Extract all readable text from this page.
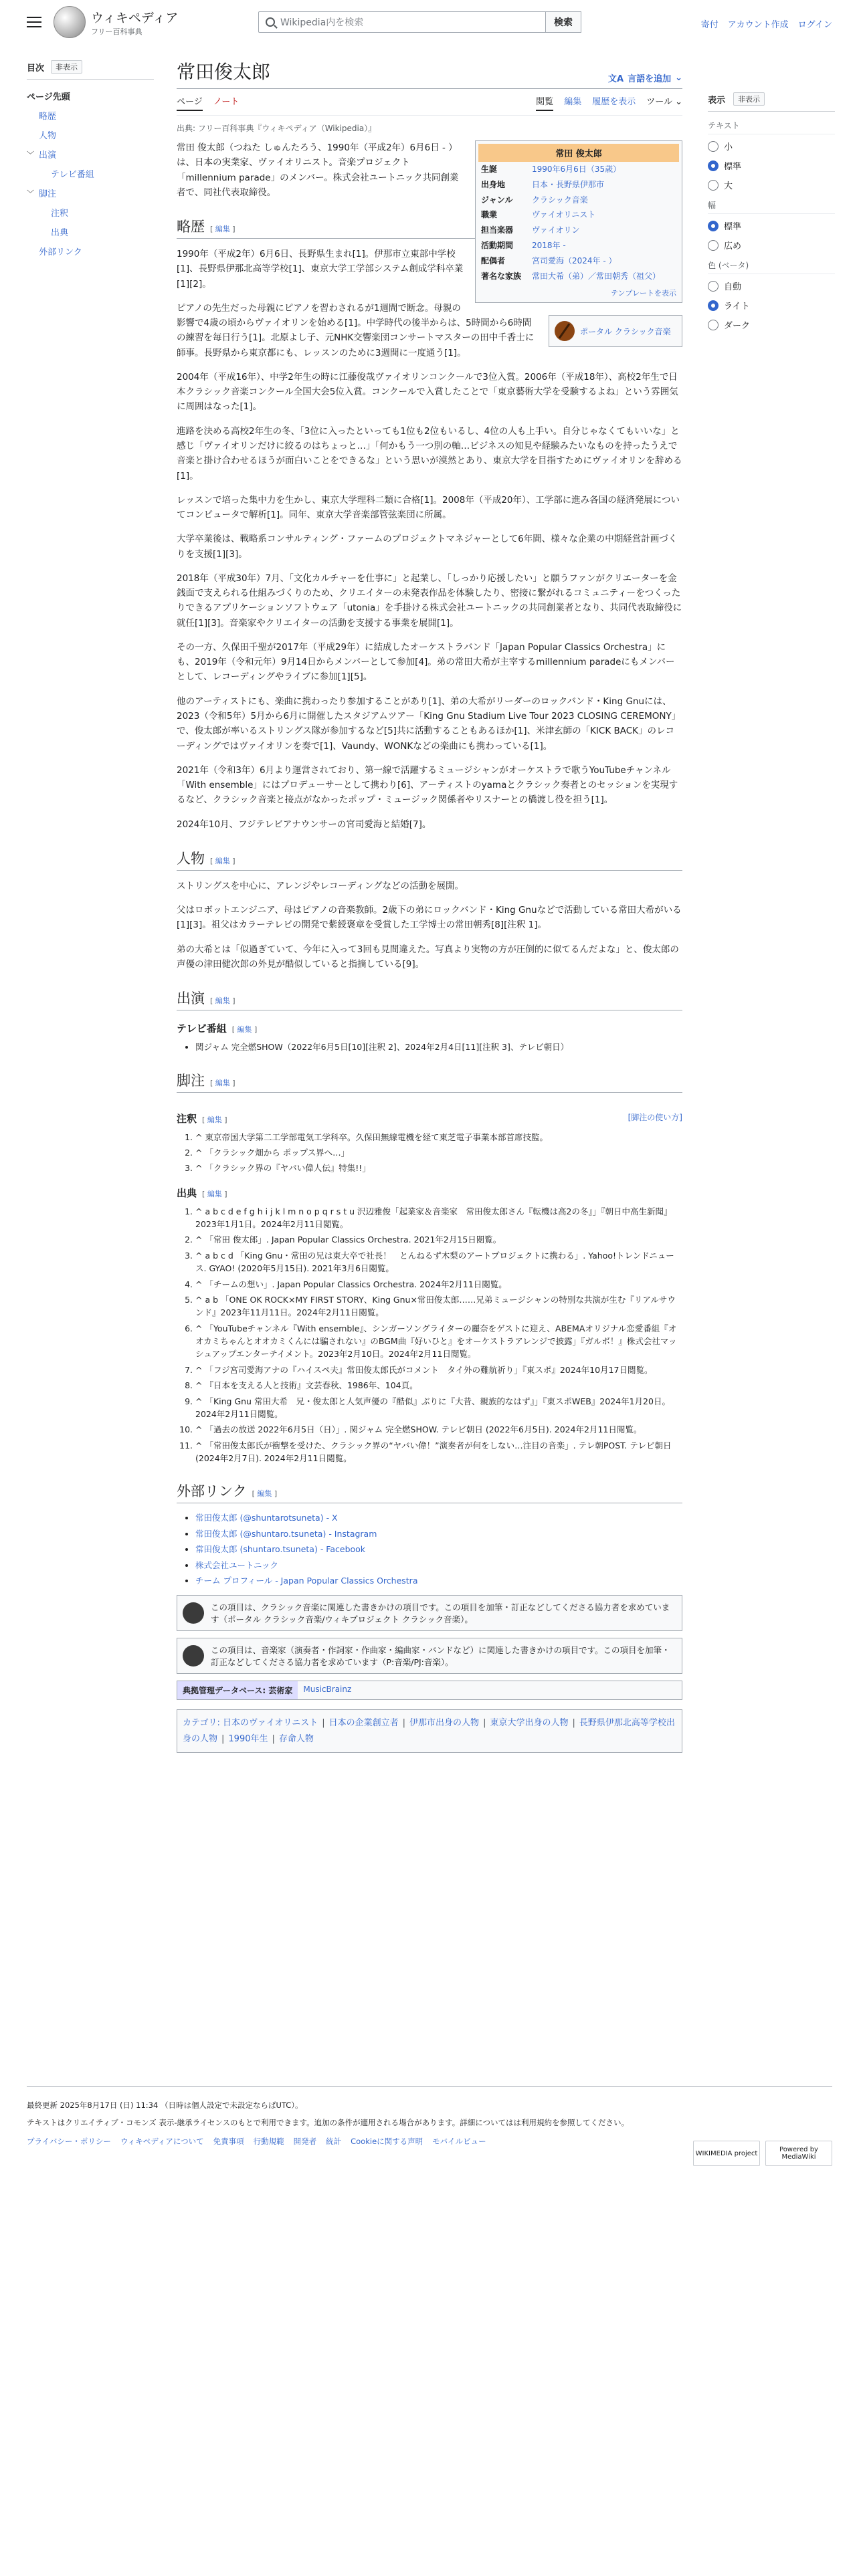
ウィキペディア
フリー百科事典
Wikipedia内を検索	検索	寄付 アカウント作成 ログイン
目次	非表示
ページ先頭
略歴
人物
﹀ 出演
テレビ番組
﹀ 脚注
注釈
出典
外部リンク
常田俊太郎	文A 言語を追加 ⌄
ページ ノート	閲覧 編集 履歴を表示 ツール ⌄
出典: フリー百科事典『ウィキペディア（Wikipedia）』
常田 俊太郎
生誕	1990年6月6日（35歳）
出身地	日本・長野県伊那市
ジャンル	クラシック音楽
職業	ヴァイオリニスト
担当楽器	ヴァイオリン
活動期間	2018年 -
配偶者	宮司愛海（2024年 - ）
著名な家族	常田大希（弟）／常田朝秀（祖父）
テンプレートを表示

常田 俊太郎（つねた しゅんたろう、1990年（平成2年）6月6日 - ）は、日本の実業家、ヴァイオリニスト。音楽プロジェクト「millennium parade」のメンバー。株式会社ユートニック共同創業者で、同社代表取締役。

略歴 [ 編集 ]
ポータル クラシック音楽

1990年（平成2年）6月6日、長野県生まれ[1]。伊那市立東部中学校[1]、長野県伊那北高等学校[1]、東京大学工学部システム創成学科卒業[1][2]。

ピアノの先生だった母親にピアノを習わされるが1週間で断念。母親の影響で4歳の頃からヴァイオリンを始める[1]。中学時代の後半からは、5時間から6時間の練習を毎日行う[1]。北原よし子、元NHK交響楽団コンサートマスターの田中千香士に師事。長野県から東京都にも、レッスンのために3週間に一度通う[1]。

2004年（平成16年）、中学2年生の時に江藤俊哉ヴァイオリンコンクールで3位入賞。2006年（平成18年）、高校2年生で日本クラシック音楽コンクール全国大会5位入賞。コンクールで入賞したことで「東京藝術大学を受験するよね」という雰囲気に周囲はなった[1]。

進路を決める高校2年生の冬、「3位に入ったといっても1位も2位もいるし、4位の人も上手い。自分じゃなくてもいいな」と感じ「ヴァイオリンだけに絞るのはちょっと…」「何かもう一つ別の軸…ビジネスの知見や経験みたいなものを持ったうえで音楽と掛け合わせるほうが面白いことをできるな」という思いが漠然とあり、東京大学を目指すためにヴァイオリンを辞める[1]。

レッスンで培った集中力を生かし、東京大学理科二類に合格[1]。2008年（平成20年）、工学部に進み各国の経済発展についてコンピュータで解析[1]。同年、東京大学音楽部管弦楽団に所属。

大学卒業後は、戦略系コンサルティング・ファームのプロジェクトマネジャーとして6年間、様々な企業の中期経営計画づくりを支援[1][3]。

2018年（平成30年）7月、「文化カルチャーを仕事に」と起業し、「しっかり応援したい」と願うファンがクリエーターを金銭面で支えられる仕組みづくりのため、クリエイターの未発表作品を体験したり、密接に繋がれるコミュニティーをつくったりできるアプリケーションソフトウェア「utonia」を手掛ける株式会社ユートニックの共同創業者となり、共同代表取締役に就任[1][3]。音楽家やクリエイターの活動を支援する事業を展開[1]。

その一方、久保田千聖が2017年（平成29年）に結成したオーケストラバンド「Japan Popular Classics Orchestra」にも、2019年（令和元年）9月14日からメンバーとして参加[4]。弟の常田大希が主宰するmillennium paradeにもメンバーとして、レコーディングやライブに参加[1][5]。

他のアーティストにも、楽曲に携わったり参加することがあり[1]、弟の大希がリーダーのロックバンド・King Gnuには、2023（令和5年）5月から6月に開催したスタジアムツアー「King Gnu Stadium Live Tour 2023 CLOSING CEREMONY」で、俊太郎が率いるストリングス隊が参加するなど[5]共に活動することもあるほか[1]、米津玄師の「KICK BACK」のレコーディングではヴァイオリンを奏で[1]、Vaundy、WONKなどの楽曲にも携わっている[1]。

2021年（令和3年）6月より運営されており、第一線で活躍するミュージシャンがオーケストラで歌うYouTubeチャンネル「With ensemble」にはプロデューサーとして携わり[6]、アーティストのyamaとクラシック奏者とのセッションを実現するなど、クラシック音楽と接点がなかったポップ・ミュージック関係者やリスナーとの橋渡し役を担う[1]。

2024年10月、フジテレビアナウンサーの宮司愛海と結婚[7]。

人物 [ 編集 ]

ストリングスを中心に、アレンジやレコーディングなどの活動を展開。

父はロボットエンジニア、母はピアノの音楽教師。2歳下の弟にロックバンド・King Gnuなどで活動している常田大希がいる[1][3]。祖父はカラーテレビの開発で紫綬褒章を受賞した工学博士の常田朝秀[8][注釈 1]。

弟の大希とは「似過ぎていて、今年に入って3回も見間違えた。写真より実物の方が圧倒的に似てるんだよな」と、俊太郎の声優の津田健次郎の外見が酷似していると指摘している[9]。

出演 [ 編集 ]
テレビ番組 [ 編集 ]
• 関ジャム 完全燃SHOW（2022年6月5日[10][注釈 2]、2024年2月4日[11][注釈 3]、テレビ朝日）
脚注 [ 編集 ]
注釈 [ 編集 ]	[脚注の使い方]
1. ^ 東京帝国大学第二工学部電気工学科卒。久保田無線電機を経て東芝電子事業本部首席技監。
2. ^ 「クラシック畑から ポップス界へ…」
3. ^ 「クラシック界の『ヤバい偉人伝』特集!!」
出典 [ 編集 ]
1. ^ a b c d e f g h i j k l m n o p q r s t u 沢辺雅俊「起業家＆音楽家　常田俊太郎さん『転機は高2の冬』」『朝日中高生新聞』2023年1月1日。2024年2月11日閲覧。
2. ^ 「常田 俊太郎」. Japan Popular Classics Orchestra. 2021年2月15日閲覧。
3. ^ a b c d 「King Gnu・常田の兄は東大卒で社長！　とんねるず木梨のアートプロジェクトに携わる」. Yahoo!トレンドニュース. GYAO! (2020年5月15日). 2021年3月6日閲覧。
4. ^ 「チームの想い」. Japan Popular Classics Orchestra. 2024年2月11日閲覧。
5. ^ a b 「ONE OK ROCK×MY FIRST STORY、King Gnu×常田俊太郎……兄弟ミュージシャンの特別な共演が生む『リアルサウンド』2023年11月11日。2024年2月11日閲覧。
6. ^ 「YouTubeチャンネル『With ensemble』、シンガーソングライターの麗奈をゲストに迎え、ABEMAオリジナル恋愛番組『オオカミちゃんとオオカミくんには騙されない』のBGM曲『好いひと』をオーケストラアレンジで披露」『ガルボ！』株式会社マッシュアップエンターテイメント。2023年2月10日。2024年2月11日閲覧。
7. ^ 「フジ宮司愛海アナの『ハイスペ夫』常田俊太郎氏がコメント　タイ外の難航祈り」『東スポ』2024年10月17日閲覧。
8. ^ 『日本を支える人と技術』文芸春秋、1986年、104頁。
9. ^ 「King Gnu 常田大希　兄・俊太郎と人気声優の『酷似』ぶりに『大昔、親族的なはず』」『東スポWEB』2024年1月20日。2024年2月11日閲覧。
10. ^ 「過去の放送 2022年6月5日（日）」. 関ジャム 完全燃SHOW. テレビ朝日 (2022年6月5日). 2024年2月11日閲覧。
11. ^ 「常田俊太郎氏が衝撃を受けた、クラシック界の“ヤバい偉！”演奏者が何をしない…注目の音楽」. テレ朝POST. テレビ朝日 (2024年2月7日). 2024年2月11日閲覧。
外部リンク [ 編集 ]
• 常田俊太郎 (@shuntarotsuneta) - X
• 常田俊太郎 (@shuntaro.tsuneta) - Instagram
• 常田俊太郎 (shuntaro.tsuneta) - Facebook
• 株式会社ユートニック
• チーム プロフィール - Japan Popular Classics Orchestra
この項目は、クラシック音楽に関連した書きかけの項目です。この項目を加筆・訂正などしてくださる協力者を求めています（ポータル クラシック音楽/ウィキプロジェクト クラシック音楽）。
この項目は、音楽家（演奏者・作詞家・作曲家・編曲家・バンドなど）に関連した書きかけの項目です。この項目を加筆・訂正などしてくださる協力者を求めています（P:音楽/PJ:音楽）。
典拠管理データベース: 芸術家	MusicBrainz
カテゴリ: 日本のヴァイオリニスト | 日本の企業創立者 | 伊那市出身の人物 | 東京大学出身の人物 | 長野県伊那北高等学校出身の人物 | 1990年生 | 存命人物
表示	非表示
テキスト
小
標準
大
幅
標準
広め
色 (ベータ)
自動
ライト
ダーク

最終更新 2025年8月17日 (日) 11:34 （日時は個人設定で未設定ならばUTC）。

テキストはクリエイティブ・コモンズ 表示-継承ライセンスのもとで利用できます。追加の条件が適用される場合があります。詳細についてはは利用規約を参照してください。

プライバシー・ポリシー ウィキペディアについて 免責事項 行動規範 開発者 統計 Cookieに関する声明 モバイルビュー
WIKIMEDIA project	Powered by MediaWiki
